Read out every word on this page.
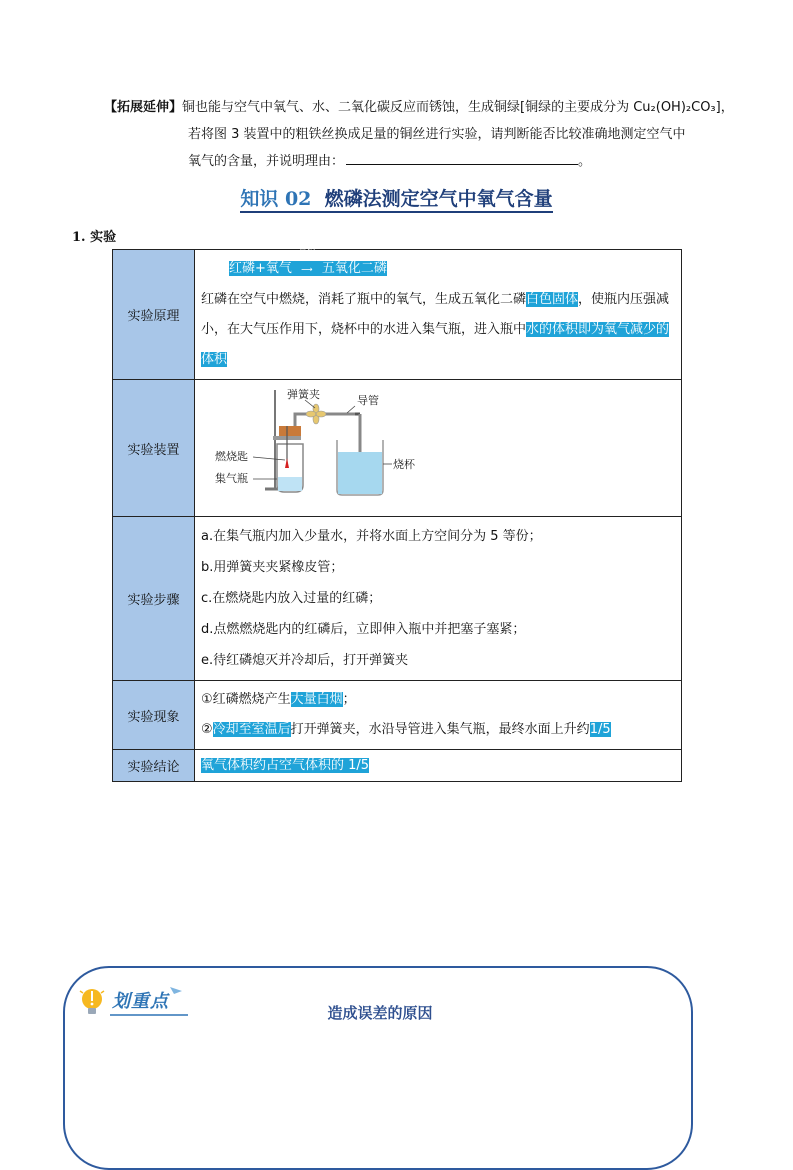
【拓展延伸】铜也能与空气中氧气、水、二氧化碳反应而锈蚀，生成铜绿[铜绿的主要成分为 Cu₂(OH)₂CO₃]，
若将图 3 装置中的粗铁丝换成足量的铜丝进行实验，请判断能否比较准确地测定空气中
氧气的含量，并说明理由：	。
知识 02 燃磷法测定空气中氧气含量
1. 实验
实验原理	红磷+氧气
点燃
⟶ 五氧化二磷
红磷在空气中燃烧，消耗了瓶中的氧气，生成五氧化二磷白色固体，使瓶内压强减小，在大气压作用下，烧杯中的水进入集气瓶，进入瓶中水的体积即为氧气减少的体积

实验装置	弹簧夹 导管
燃烧匙
集气瓶
烧杯

实验步骤	a.在集气瓶内加入少量水，并将水面上方空间分为 5 等份；
b.用弹簧夹夹紧橡皮管；
c.在燃烧匙内放入过量的红磷；
d.点燃燃烧匙内的红磷后，立即伸入瓶中并把塞子塞紧；
e.待红磷熄灭并冷却后，打开弹簧夹

实验现象	①红磷燃烧产生大量白烟；
②冷却至室温后打开弹簧夹，水沿导管进入集气瓶，最终水面上升约1/5

实验结论	氧气体积约占空气体积的 1/5
划重点
造成误差的原因
